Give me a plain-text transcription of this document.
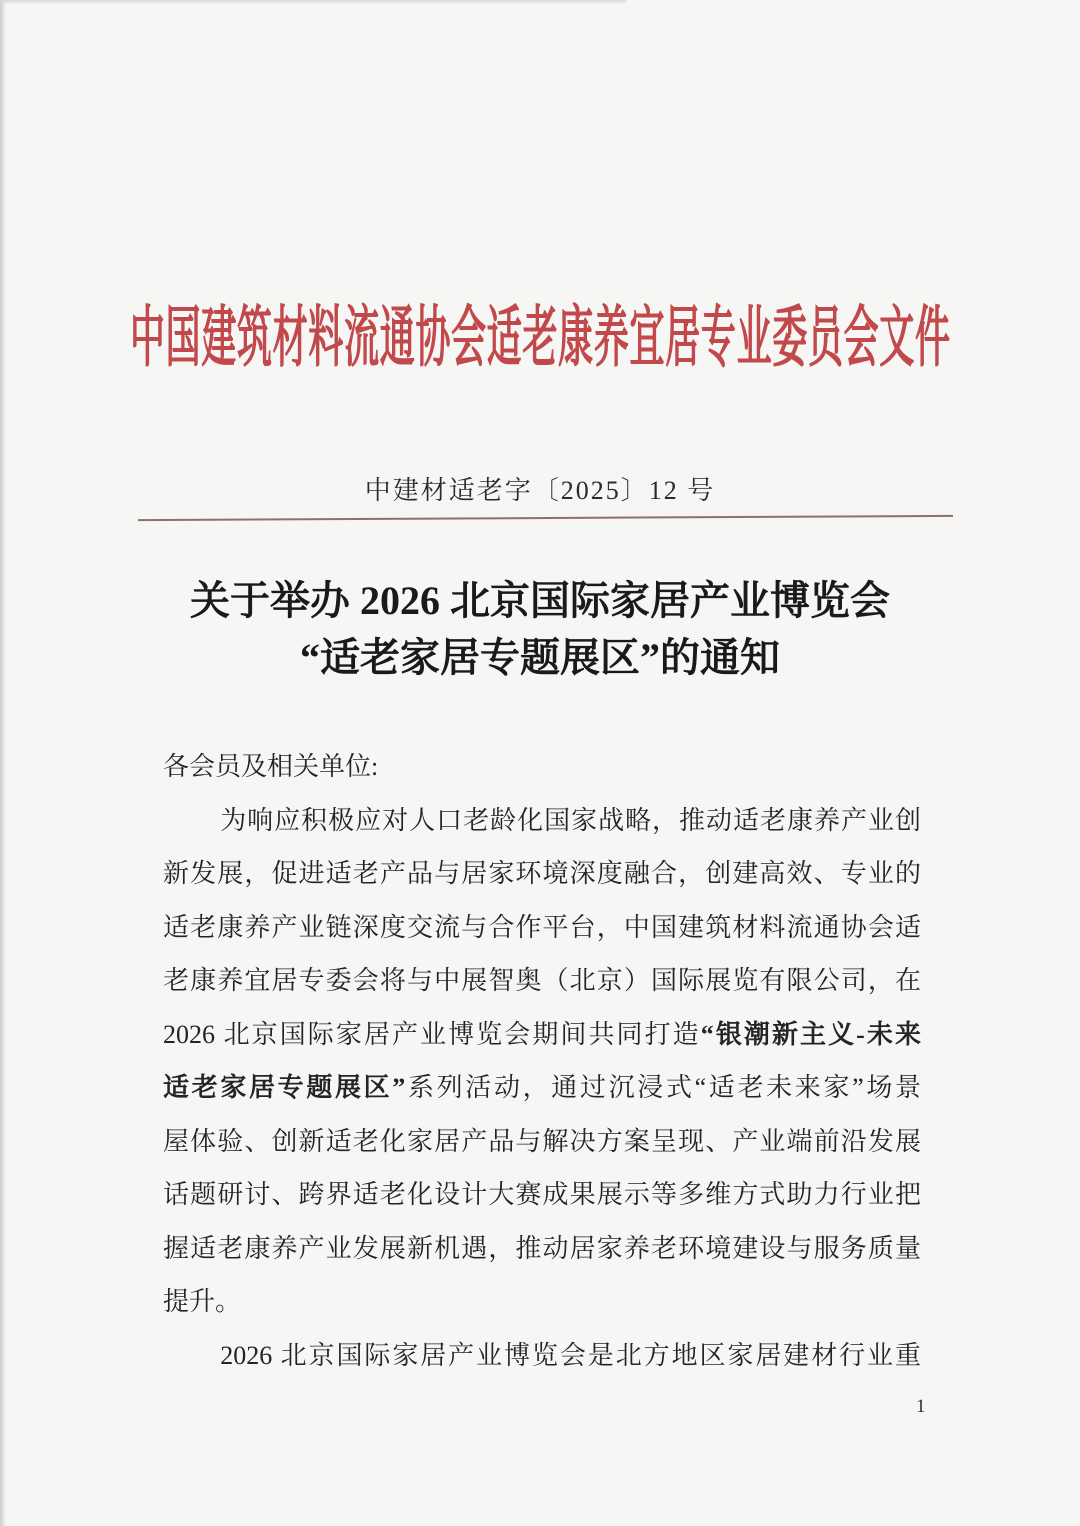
中国建筑材料流通协会适老康养宜居专业委员会文件
中建材适老字〔2025〕12 号
关于举办 2026 北京国际家居产业博览会
“适老家居专题展区”的通知
各会员及相关单位:
为响应积极应对人口老龄化国家战略，推动适老康养产业创
新发展，促进适老产品与居家环境深度融合，创建高效、专业的
适老康养产业链深度交流与合作平台，中国建筑材料流通协会适
老康养宜居专委会将与中展智奥（北京）国际展览有限公司，在
2026 北京国际家居产业博览会期间共同打造“银潮新主义-未来
适老家居专题展区”系列活动，通过沉浸式“适老未来家”场景
屋体验、创新适老化家居产品与解决方案呈现、产业端前沿发展
话题研讨、跨界适老化设计大赛成果展示等多维方式助力行业把
握适老康养产业发展新机遇，推动居家养老环境建设与服务质量
提升。
2026 北京国际家居产业博览会是北方地区家居建材行业重
1
